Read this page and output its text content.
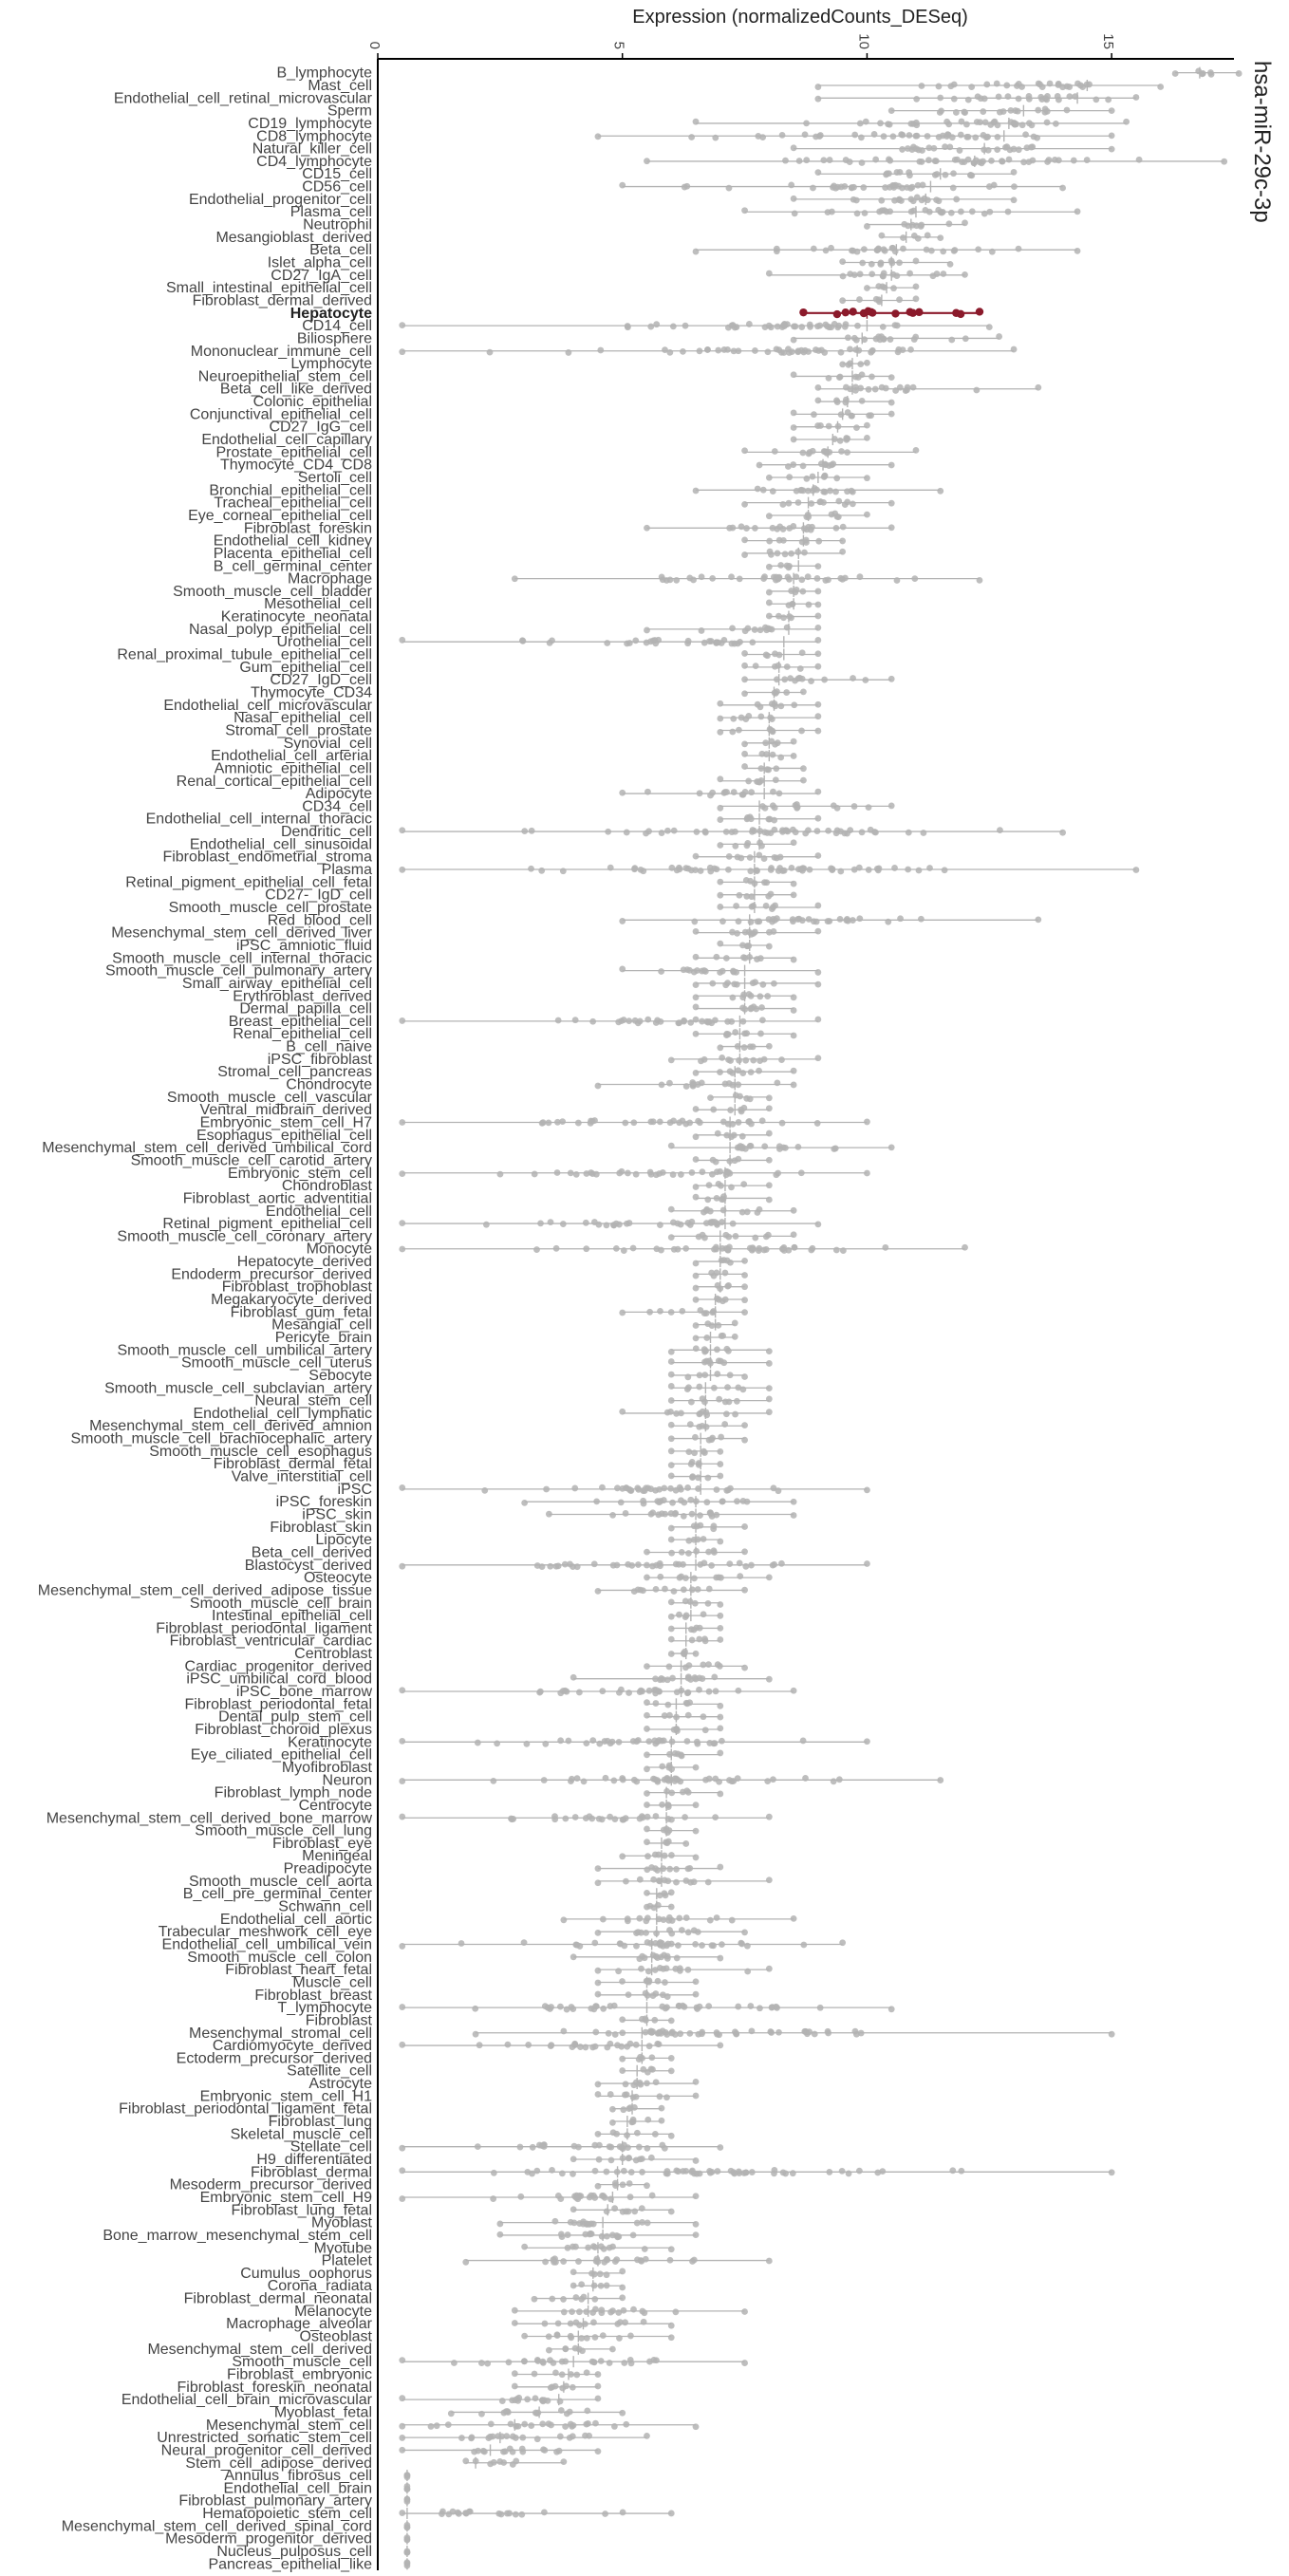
Expression (normalizedCounts_DESeq)
hsa-miR-29c-3p
0	5	10	15
B_lymphocyte
Mast_cell
Endothelial_cell_retinal_microvascular
Sperm
CD19_lymphocyte
CD8_lymphocyte
Natural_killer_cell
CD4_lymphocyte
CD15_cell
CD56_cell
Endothelial_progenitor_cell
Plasma_cell
Neutrophil
Mesangioblast_derived
Beta_cell
Islet_alpha_cell
CD27_IgA_cell
Small_intestinal_epithelial_cell
Fibroblast_dermal_derived
Hepatocyte
CD14_cell
Biliosphere
Mononuclear_immune_cell
Lymphocyte
Neuroepithelial_stem_cell
Beta_cell_like_derived
Colonic_epithelial
Conjunctival_epithelial_cell
CD27_IgG_cell
Endothelial_cell_capillary
Prostate_epithelial_cell
Thymocyte_CD4_CD8
Sertoli_cell
Bronchial_epithelial_cell
Tracheal_epithelial_cell
Eye_corneal_epithelial_cell
Fibroblast_foreskin
Endothelial_cell_kidney
Placenta_epithelial_cell
B_cell_germinal_center
Macrophage
Smooth_muscle_cell_bladder
Mesothelial_cell
Keratinocyte_neonatal
Nasal_polyp_epithelial_cell
Urothelial_cell
Renal_proximal_tubule_epithelial_cell
Gum_epithelial_cell
CD27_IgD_cell
Thymocyte_CD34
Endothelial_cell_microvascular
Nasal_epithelial_cell
Stromal_cell_prostate
Synovial_cell
Endothelial_cell_arterial
Amniotic_epithelial_cell
Renal_cortical_epithelial_cell
Adipocyte
CD34_cell
Endothelial_cell_internal_thoracic
Dendritic_cell
Endothelial_cell_sinusoidal
Fibroblast_endometrial_stroma
Plasma
Retinal_pigment_epithelial_cell_fetal
CD27-_IgD_cell
Smooth_muscle_cell_prostate
Red_blood_cell
Mesenchymal_stem_cell_derived_liver
iPSC_amniotic_fluid
Smooth_muscle_cell_internal_thoracic
Smooth_muscle_cell_pulmonary_artery
Small_airway_epithelial_cell
Erythroblast_derived
Dermal_papilla_cell
Breast_epithelial_cell
Renal_epithelial_cell
B_cell_naive
iPSC_fibroblast
Stromal_cell_pancreas
Chondrocyte
Smooth_muscle_cell_vascular
Ventral_midbrain_derived
Embryonic_stem_cell_H7
Esophagus_epithelial_cell
Mesenchymal_stem_cell_derived_umbilical_cord
Smooth_muscle_cell_carotid_artery
Embryonic_stem_cell
Chondroblast
Fibroblast_aortic_adventitial
Endothelial_cell
Retinal_pigment_epithelial_cell
Smooth_muscle_cell_coronary_artery
Monocyte
Hepatocyte_derived
Endoderm_precursor_derived
Fibroblast_trophoblast
Megakaryocyte_derived
Fibroblast_gum_fetal
Mesangial_cell
Pericyte_brain
Smooth_muscle_cell_umbilical_artery
Smooth_muscle_cell_uterus
Sebocyte
Smooth_muscle_cell_subclavian_artery
Neural_stem_cell
Endothelial_cell_lymphatic
Mesenchymal_stem_cell_derived_amnion
Smooth_muscle_cell_brachiocephalic_artery
Smooth_muscle_cell_esophagus
Fibroblast_dermal_fetal
Valve_interstitial_cell
iPSC
iPSC_foreskin
iPSC_skin
Fibroblast_skin
Lipocyte
Beta_cell_derived
Blastocyst_derived
Osteocyte
Mesenchymal_stem_cell_derived_adipose_tissue
Smooth_muscle_cell_brain
Intestinal_epithelial_cell
Fibroblast_periodontal_ligament
Fibroblast_ventricular_cardiac
Centroblast
Cardiac_progenitor_derived
iPSC_umbilical_cord_blood
iPSC_bone_marrow
Fibroblast_periodontal_fetal
Dental_pulp_stem_cell
Fibroblast_choroid_plexus
Keratinocyte
Eye_ciliated_epithelial_cell
Myofibroblast
Neuron
Fibroblast_lymph_node
Centrocyte
Mesenchymal_stem_cell_derived_bone_marrow
Smooth_muscle_cell_lung
Fibroblast_eye
Meningeal
Preadipocyte
Smooth_muscle_cell_aorta
B_cell_pre_germinal_center
Schwann_cell
Endothelial_cell_aortic
Trabecular_meshwork_cell_eye
Endothelial_cell_umbilical_vein
Smooth_muscle_cell_colon
Fibroblast_heart_fetal
Muscle_cell
Fibroblast_breast
T_lymphocyte
Fibroblast
Mesenchymal_stromal_cell
Cardiomyocyte_derived
Ectoderm_precursor_derived
Satellite_cell
Astrocyte
Embryonic_stem_cell_H1
Fibroblast_periodontal_ligament_fetal
Fibroblast_lung
Skeletal_muscle_cell
Stellate_cell
H9_differentiated
Fibroblast_dermal
Mesoderm_precursor_derived
Embryonic_stem_cell_H9
Fibroblast_lung_fetal
Myoblast
Bone_marrow_mesenchymal_stem_cell
Myotube
Platelet
Cumulus_oophorus
Corona_radiata
Fibroblast_dermal_neonatal
Melanocyte
Macrophage_alveolar
Osteoblast
Mesenchymal_stem_cell_derived
Smooth_muscle_cell
Fibroblast_embryonic
Fibroblast_foreskin_neonatal
Endothelial_cell_brain_microvascular
Myoblast_fetal
Mesenchymal_stem_cell
Unrestricted_somatic_stem_cell
Neural_progenitor_cell_derived
Stem_cell_adipose_derived
Annulus_fibrosus_cell
Endothelial_cell_brain
Fibroblast_pulmonary_artery
Hematopoietic_stem_cell
Mesenchymal_stem_cell_derived_spinal_cord
Mesoderm_progenitor_derived
Nucleus_pulposus_cell
Pancreas_epithelial_like
